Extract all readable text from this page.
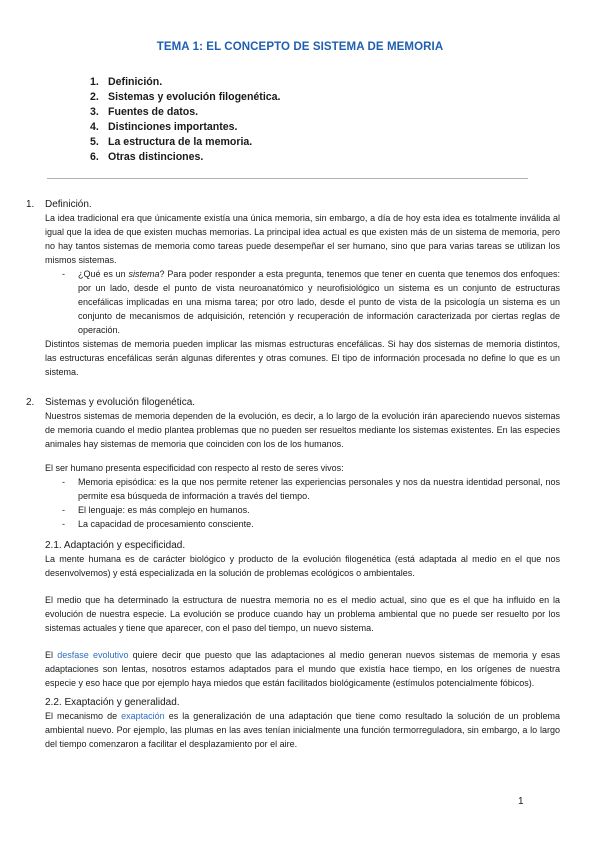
TEMA 1: EL CONCEPTO DE SISTEMA DE MEMORIA
1. Definición.
2. Sistemas y evolución filogenética.
3. Fuentes de datos.
4. Distinciones importantes.
5. La estructura de la memoria.
6. Otras distinciones.
1.	Definición.
La idea tradicional era que únicamente existía una única memoria, sin embargo, a día de hoy esta idea es totalmente inválida al igual que la idea de que existen muchas memorias. La principal idea actual es que existen más de un sistema de memoria, pero no hay tantos sistemas de memoria como tareas puede desempeñar el ser humano, sino que para varias tareas se utilizan los mismos sistemas.
-	¿Qué es un sistema? Para poder responder a esta pregunta, tenemos que tener en cuenta que tenemos dos enfoques: por un lado, desde el punto de vista neuroanatómico y neurofisiológico un sistema es un conjunto de estructuras encefálicas implicadas en una misma tarea; por otro lado, desde el punto de vista de la psicología un sistema es un conjunto de mecanismos de adquisición, retención y recuperación de información caracterizada por ciertas reglas de operación.
Distintos sistemas de memoria pueden implicar las mismas estructuras encefálicas. Si hay dos sistemas de memoria distintos, las estructuras encefálicas serán algunas diferentes y otras comunes. El tipo de información procesada no define lo que es un sistema.
2.	Sistemas y evolución filogenética.
Nuestros sistemas de memoria dependen de la evolución, es decir, a lo largo de la evolución irán apareciendo nuevos sistemas de memoria cuando el medio plantea problemas que no pueden ser resueltos mediante los sistemas existentes. En las especies animales hay sistemas de memoria que coinciden con los de los humanos.
El ser humano presenta especificidad con respecto al resto de seres vivos:
-	Memoria episódica: es la que nos permite retener las experiencias personales y nos da nuestra identidad personal, nos permite esa búsqueda de información a través del tiempo.
-	El lenguaje: es más complejo en humanos.
-	La capacidad de procesamiento consciente.
2.1. Adaptación y especificidad.
La mente humana es de carácter biológico y producto de la evolución filogenética (está adaptada al medio en el que nos desenvolvemos) y está especializada en la solución de problemas ecológicos o ambientales.
El medio que ha determinado la estructura de nuestra memoria no es el medio actual, sino que es el que ha influido en la evolución de nuestra especie. La evolución se produce cuando hay un problema ambiental que no puede ser resuelto por los sistemas actuales y tiene que aparecer, con el paso del tiempo, un nuevo sistema.
El desfase evolutivo quiere decir que puesto que las adaptaciones al medio generan nuevos sistemas de memoria y esas adaptaciones son lentas, nosotros estamos adaptados para el mundo que existía hace tiempo, en los orígenes de nuestra especie y eso hace que por ejemplo haya miedos que están facilitados biológicamente (estímulos potencialmente fóbicos).
2.2. Exaptación y generalidad.
El mecanismo de exaptación es la generalización de una adaptación que tiene como resultado la solución de un problema ambiental nuevo. Por ejemplo, las plumas en las aves tenían inicialmente una función termorreguladora, sin embargo, a lo largo del tiempo comenzaron a facilitar el desplazamiento por el aire.
1
